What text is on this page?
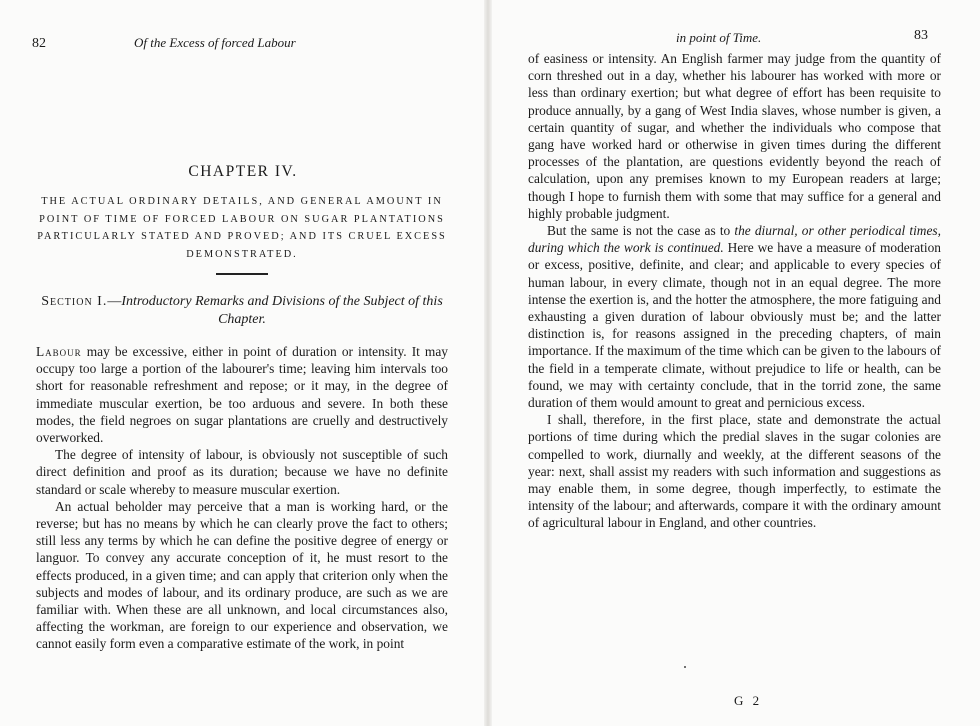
82	Of the Excess of forced Labour
CHAPTER IV.
THE ACTUAL ORDINARY DETAILS, AND GENERAL AMOUNT IN POINT OF TIME OF FORCED LABOUR ON SUGAR PLANTATIONS PARTICULARLY STATED AND PROVED; AND ITS CRUEL EXCESS DEMONSTRATED.
Section I.—Introductory Remarks and Divisions of the Subject of this Chapter.

Labour may be excessive, either in point of duration or intensity. It may occupy too large a portion of the labourer's time; leaving him intervals too short for reasonable refreshment and repose; or it may, in the degree of immediate muscular exertion, be too arduous and severe. In both these modes, the field negroes on sugar plantations are cruelly and destructively overworked.

The degree of intensity of labour, is obviously not susceptible of such direct definition and proof as its duration; because we have no definite standard or scale whereby to measure muscular exertion.

An actual beholder may perceive that a man is working hard, or the reverse; but has no means by which he can clearly prove the fact to others; still less any terms by which he can define the positive degree of energy or languor. To convey any accurate conception of it, he must resort to the effects produced, in a given time; and can apply that criterion only when the subjects and modes of labour, and its ordinary produce, are such as we are familiar with. When these are all unknown, and local circumstances also, affecting the workman, are foreign to our experience and observation, we cannot easily form even a comparative estimate of the work, in point

in point of Time.	83

of easiness or intensity. An English farmer may judge from the quantity of corn threshed out in a day, whether his labourer has worked with more or less than ordinary exertion; but what degree of effort has been requisite to produce annually, by a gang of West India slaves, whose number is given, a certain quantity of sugar, and whether the individuals who compose that gang have worked hard or otherwise in given times during the different processes of the plantation, are questions evidently beyond the reach of calculation, upon any premises known to my European readers at large; though I hope to furnish them with some that may suffice for a general and highly probable judgment.

But the same is not the case as to the diurnal, or other periodical times, during which the work is continued. Here we have a measure of moderation or excess, positive, definite, and clear; and applicable to every species of human labour, in every climate, though not in an equal degree. The more intense the exertion is, and the hotter the atmosphere, the more fatiguing and exhausting a given duration of labour obviously must be; and the latter distinction is, for reasons assigned in the preceding chapters, of main importance. If the maximum of the time which can be given to the labours of the field in a temperate climate, without prejudice to life or health, can be found, we may with certainty conclude, that in the torrid zone, the same duration of them would amount to great and pernicious excess.

I shall, therefore, in the first place, state and demonstrate the actual portions of time during which the predial slaves in the sugar colonies are compelled to work, diurnally and weekly, at the different seasons of the year: next, shall assist my readers with such information and suggestions as may enable them, in some degree, though imperfectly, to estimate the intensity of the labour; and afterwards, compare it with the ordinary amount of agricultural labour in England, and other countries.

G 2
